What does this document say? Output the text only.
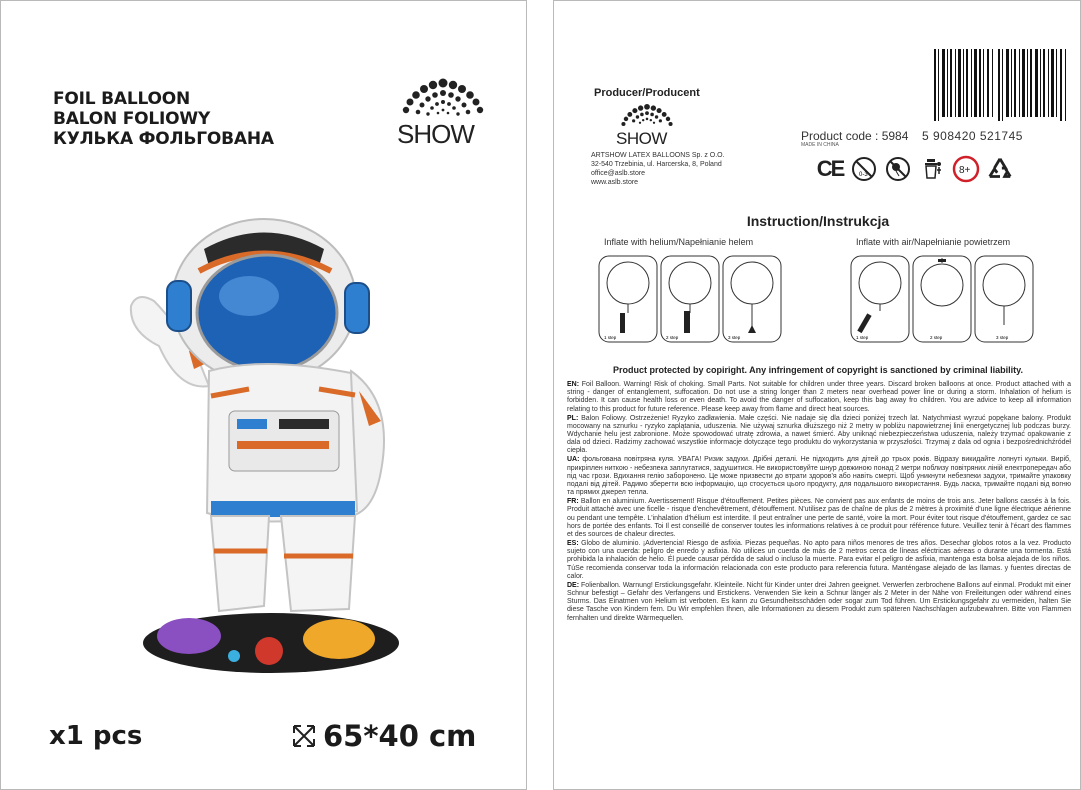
FOIL BALLOON
BALON FOLIOWY
КУЛЬКА ФОЛЬГОВАНА	SHOW
x1 pcs	65*40 cm
Producer/Producent
SHOW
ARTSHOW LATEX BALLOONS Sp. z O.O.
32-540 Trzebinia, ul. Harcerska, 8, Poland
office@aslb.store
www.aslb.store
Product code : 5984
MADE IN CHINA
5 908420 521745
CE	0-3	8+
Instruction/Instrukcja
Inflate with helium/Napełnianie helem	Inflate with air/Napełnianie powietrzem
1 step	2 step	3 step	1 step	2 step	3 step
Product protected by copiright. Any infringement of copyright is sanctioned by criminal liability.

EN: Foil Balloon. Warning! Risk of choking. Small Parts. Not suitable for children under three years. Discard broken balloons at once. Product attached with a string - danger of entanglement, suffocation. Do not use a string longer than 2 meters near overhead power line or during a storm. Inhalation of helium is forbidden. It can cause health loss or even death. To avoid the danger of suffocation, keep this bag away fro children. You are advice to keep all information relating to this product for future reference. Please keep away from flame and direct heat sources.

PL: Balon Foliowy. Ostrzeżenie! Ryzyko zadławienia. Małe części. Nie nadaje się dla dzieci poniżej trzech lat. Natychmiast wyrzuć popękane balony. Produkt mocowany na sznurku - ryzyko zaplątania, uduszenia. Nie używaj sznurka dłuższego niż 2 metry w pobliżu napowietrznej linii energetycznej lub podczas burzy. Wdychanie helu jest zabronione. Może spowodować utratę zdrowia, a nawet śmierć. Aby uniknąć niebezpieczeństwa uduszenia, należy trzymać opakowanie z dala od dzieci. Radzimy zachować wszystkie informacje dotyczące tego produktu do wykorzystania w przyszłości. Trzymaj z dala od ognia i bezpośrednichźródeł ciepła.

UA: фольгована повітряна куля. УВАГА! Ризик задухи. Дрібні деталі. Не підходить для дітей до трьох років. Відразу викидайте лопнуті кульки. Виріб, прикріплен ниткою - небезпека заплутатися, задушитися. Не використовуйте шнур довжиною понад 2 метри поблизу повітряних ліній електропередач або під час грози. Вдихання гелію заборонено. Це може призвести до втрати здоров'я або навіть смерті. Щоб уникнути небезпеки задухи, тримайте упаковку подалі від дітей. Радимо зберегти всю інформацію, що стосується цього продукту, для подальшого використання. Будь ласка, тримайте подалі від вогню та прямих джерел тепла.

FR: Ballon en aluminium. Avertissement! Risque d'étouffement. Petites pièces. Ne convient pas aux enfants de moins de trois ans. Jeter ballons cassés à la fois. Produit attaché avec une ficelle - risque d'enchevêtrement, d'étouffement. N'utilisez pas de chaîne de plus de 2 mètres à proximité d'une ligne électrique aérienne ou pendant une tempête. L'inhalation d'hélium est interdite. Il peut entraîner une perte de santé, voire la mort. Pour éviter tout risque d'étouffement, gardez ce sac hors de portée des enfants. Toi Il est conseillé de conserver toutes les informations relatives à ce produit pour référence future. Veuillez tenir à l'écart des flammes et des sources de chaleur directes.

ES: Globo de aluminio. ¡Advertencia! Riesgo de asfixia. Piezas pequeñas. No apto para niños menores de tres años. Desechar globos rotos a la vez. Producto sujeto con una cuerda: peligro de enredo y asfixia. No utilices un cuerda de más de 2 metros cerca de líneas eléctricas aéreas o durante una tormenta. Está prohibida la inhalación de helio. Él puede causar pérdida de salud o incluso la muerte. Para evitar el peligro de asfixia, mantenga esta bolsa alejada de los niños. TúSe recomienda conservar toda la información relacionada con este producto para referencia futura. Manténgase alejado de las llamas. y fuentes directas de calor.

DE: Folienballon. Warnung! Erstickungsgefahr. Kleinteile. Nicht für Kinder unter drei Jahren geeignet. Verwerfen zerbrochene Ballons auf einmal. Produkt mit einer Schnur befestigt – Gefahr des Verfangens und Erstickens. Verwenden Sie kein a Schnur länger als 2 Meter in der Nähe von Freileitungen oder während eines Sturms. Das Einatmen von Helium ist verboten. Es kann zu Gesundheitsschäden oder sogar zum Tod führen. Um Erstickungsgefahr zu vermeiden, halten Sie diese Tasche von Kindern fern. Du Wir empfehlen Ihnen, alle Informationen zu diesem Produkt zum späteren Nachschlagen aufzubewahren. Bitte von Flammen fernhalten und direkte Wärmequellen.
